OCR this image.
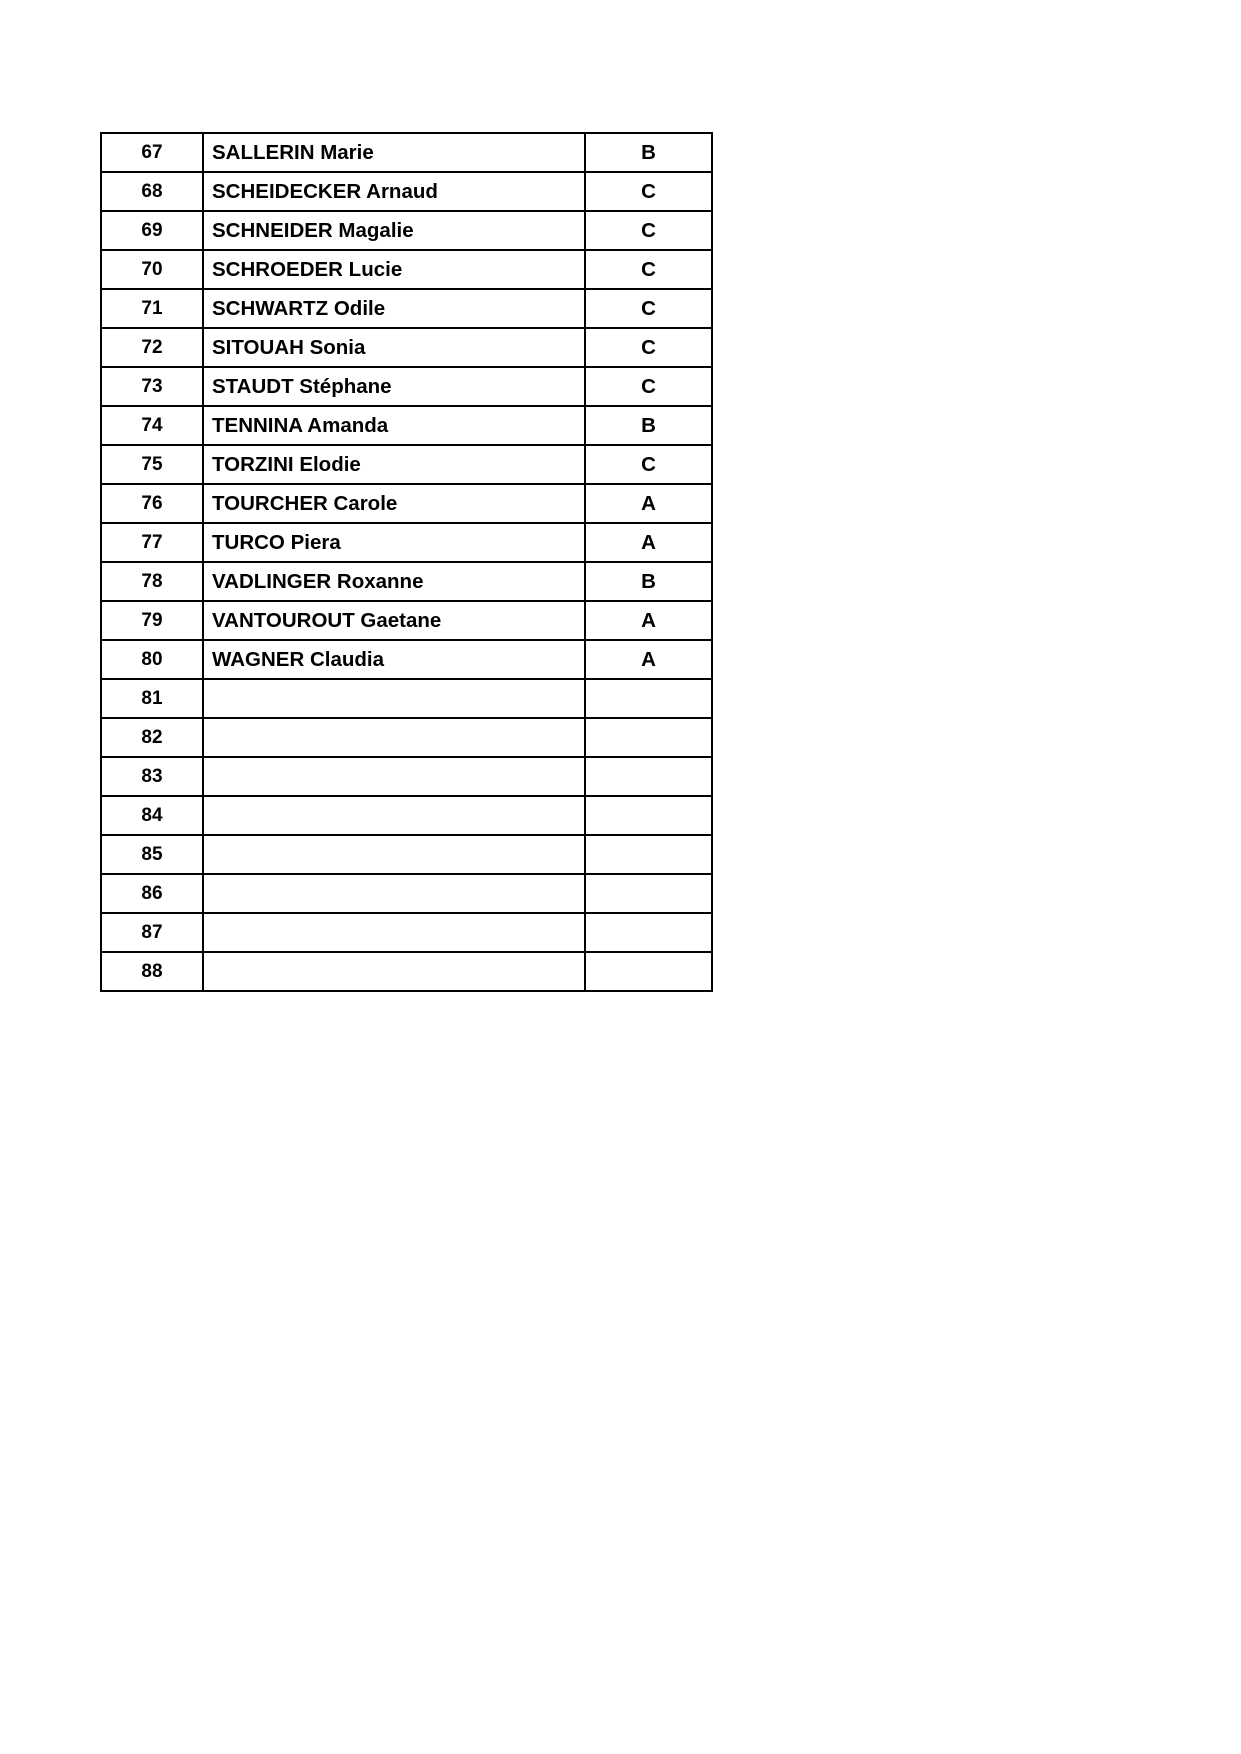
67	SALLERIN Marie	B
68	SCHEIDECKER Arnaud	C
69	SCHNEIDER Magalie	C
70	SCHROEDER Lucie	C
71	SCHWARTZ Odile	C
72	SITOUAH Sonia	C
73	STAUDT Stéphane	C
74	TENNINA Amanda	B
75	TORZINI Elodie	C
76	TOURCHER Carole	A
77	TURCO Piera	A
78	VADLINGER Roxanne	B
79	VANTOUROUT Gaetane	A
80	WAGNER Claudia	A
81		
82		
83		
84		
85		
86		
87		
88		
